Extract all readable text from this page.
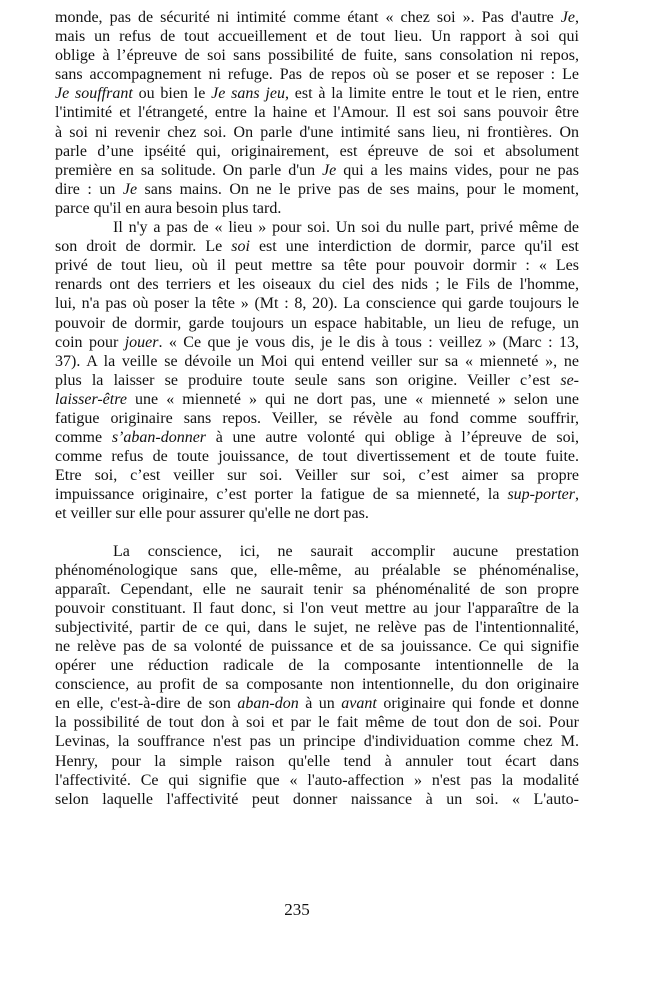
monde, pas de sécurité ni intimité comme étant « chez soi ». Pas d'autre Je,
mais un refus de tout accueillement et de tout lieu. Un rapport à soi qui
oblige à l’épreuve de soi sans possibilité de fuite, sans consolation ni repos,
sans accompagnement ni refuge. Pas de repos où se poser et se reposer : Le
Je souffrant ou bien le Je sans jeu, est à la limite entre le tout et le rien, entre
l'intimité et l'étrangeté, entre la haine et l'Amour. Il est soi sans pouvoir être
à soi ni revenir chez soi. On parle d'une intimité sans lieu, ni frontières. On
parle d’une ipséité qui, originairement, est épreuve de soi et absolument
première en sa solitude. On parle d'un Je qui a les mains vides, pour ne pas
dire : un Je sans mains. On ne le prive pas de ses mains, pour le moment,
parce qu'il en aura besoin plus tard.
Il n'y a pas de « lieu » pour soi. Un soi du nulle part, privé même de
son droit de dormir. Le soi est une interdiction de dormir, parce qu'il est
privé de tout lieu, où il peut mettre sa tête pour pouvoir dormir : « Les
renards ont des terriers et les oiseaux du ciel des nids ; le Fils de l'homme,
lui, n'a pas où poser la tête » (Mt : 8, 20). La conscience qui garde toujours le
pouvoir de dormir, garde toujours un espace habitable, un lieu de refuge, un
coin pour jouer. « Ce que je vous dis, je le dis à tous : veillez » (Marc : 13,
37). A la veille se dévoile un Moi qui entend veiller sur sa « mienneté », ne
plus la laisser se produire toute seule sans son origine. Veiller c’est se-
laisser-être une « mienneté » qui ne dort pas, une « mienneté » selon une
fatigue originaire sans repos. Veiller, se révèle au fond comme souffrir,
comme s’aban-donner à une autre volonté qui oblige à l’épreuve de soi,
comme refus de toute jouissance, de tout divertissement et de toute fuite.
Etre soi, c’est veiller sur soi. Veiller sur soi, c’est aimer sa propre
impuissance originaire, c’est porter la fatigue de sa mienneté, la sup-porter,
et veiller sur elle pour assurer qu'elle ne dort pas.
La conscience, ici, ne saurait accomplir aucune prestation
phénoménologique sans que, elle-même, au préalable se phénoménalise,
apparaît. Cependant, elle ne saurait tenir sa phénoménalité de son propre
pouvoir constituant. Il faut donc, si l'on veut mettre au jour l'apparaître de la
subjectivité, partir de ce qui, dans le sujet, ne relève pas de l'intentionnalité,
ne relève pas de sa volonté de puissance et de sa jouissance. Ce qui signifie
opérer une réduction radicale de la composante intentionnelle de la
conscience, au profit de sa composante non intentionnelle, du don originaire
en elle, c'est-à-dire de son aban-don à un avant originaire qui fonde et donne
la possibilité de tout don à soi et par le fait même de tout don de soi. Pour
Levinas, la souffrance n'est pas un principe d'individuation comme chez M.
Henry, pour la simple raison qu'elle tend à annuler tout écart dans
l'affectivité. Ce qui signifie que « l'auto-affection » n'est pas la modalité
selon laquelle l'affectivité peut donner naissance à un soi. « L'auto-
235
